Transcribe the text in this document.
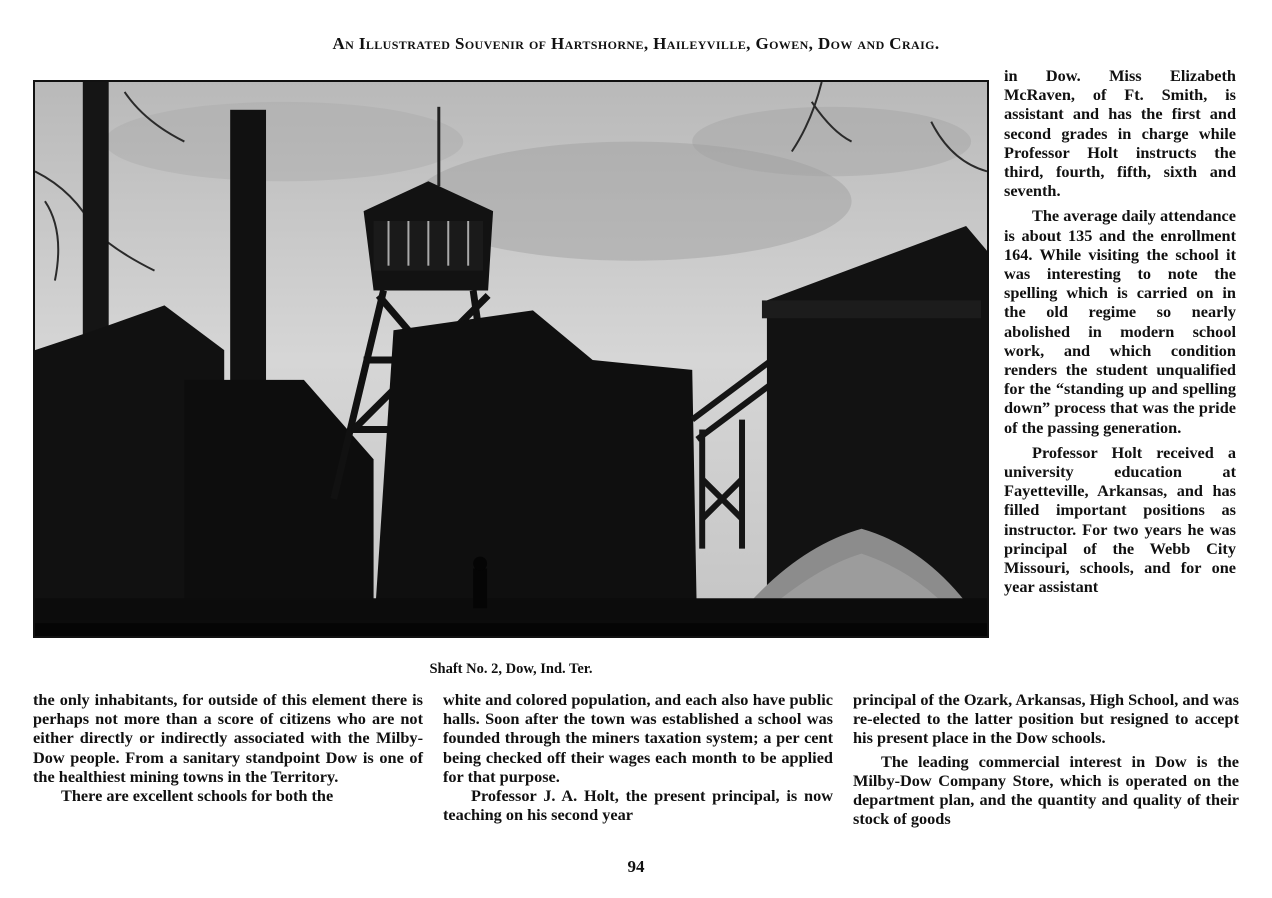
An Illustrated Souvenir of Hartshorne, Haileyville, Gowen, Dow and Craig.
Shaft No. 2, Dow, Ind. Ter.

in Dow. Miss Elizabeth McRaven, of Ft. Smith, is assistant and has the first and second grades in charge while Professor Holt instructs the third, fourth, fifth, sixth and seventh.

The average daily attendance is about 135 and the enrollment 164. While visiting the school it was interesting to note the spelling which is carried on in the old regime so nearly abolished in modern school work, and which condition renders the student unqualified for the “standing up and spelling down” process that was the pride of the passing generation.

Professor Holt received a university education at Fayetteville, Arkansas, and has filled important positions as instructor. For two years he was principal of the Webb City Missouri, schools, and for one year assistant

the only inhabitants, for outside of this element there is perhaps not more than a score of citizens who are not either directly or indirectly associated with the Milby-Dow people. From a sanitary standpoint Dow is one of the healthiest mining towns in the Territory.

There are excellent schools for both the

white and colored population, and each also have public halls. Soon after the town was established a school was founded through the miners taxation system; a per cent being checked off their wages each month to be applied for that purpose.

Professor J. A. Holt, the present principal, is now teaching on his second year

principal of the Ozark, Arkansas, High School, and was re-elected to the latter position but resigned to accept his present place in the Dow schools.

The leading commercial interest in Dow is the Milby-Dow Company Store, which is operated on the department plan, and the quantity and quality of their stock of goods

94
